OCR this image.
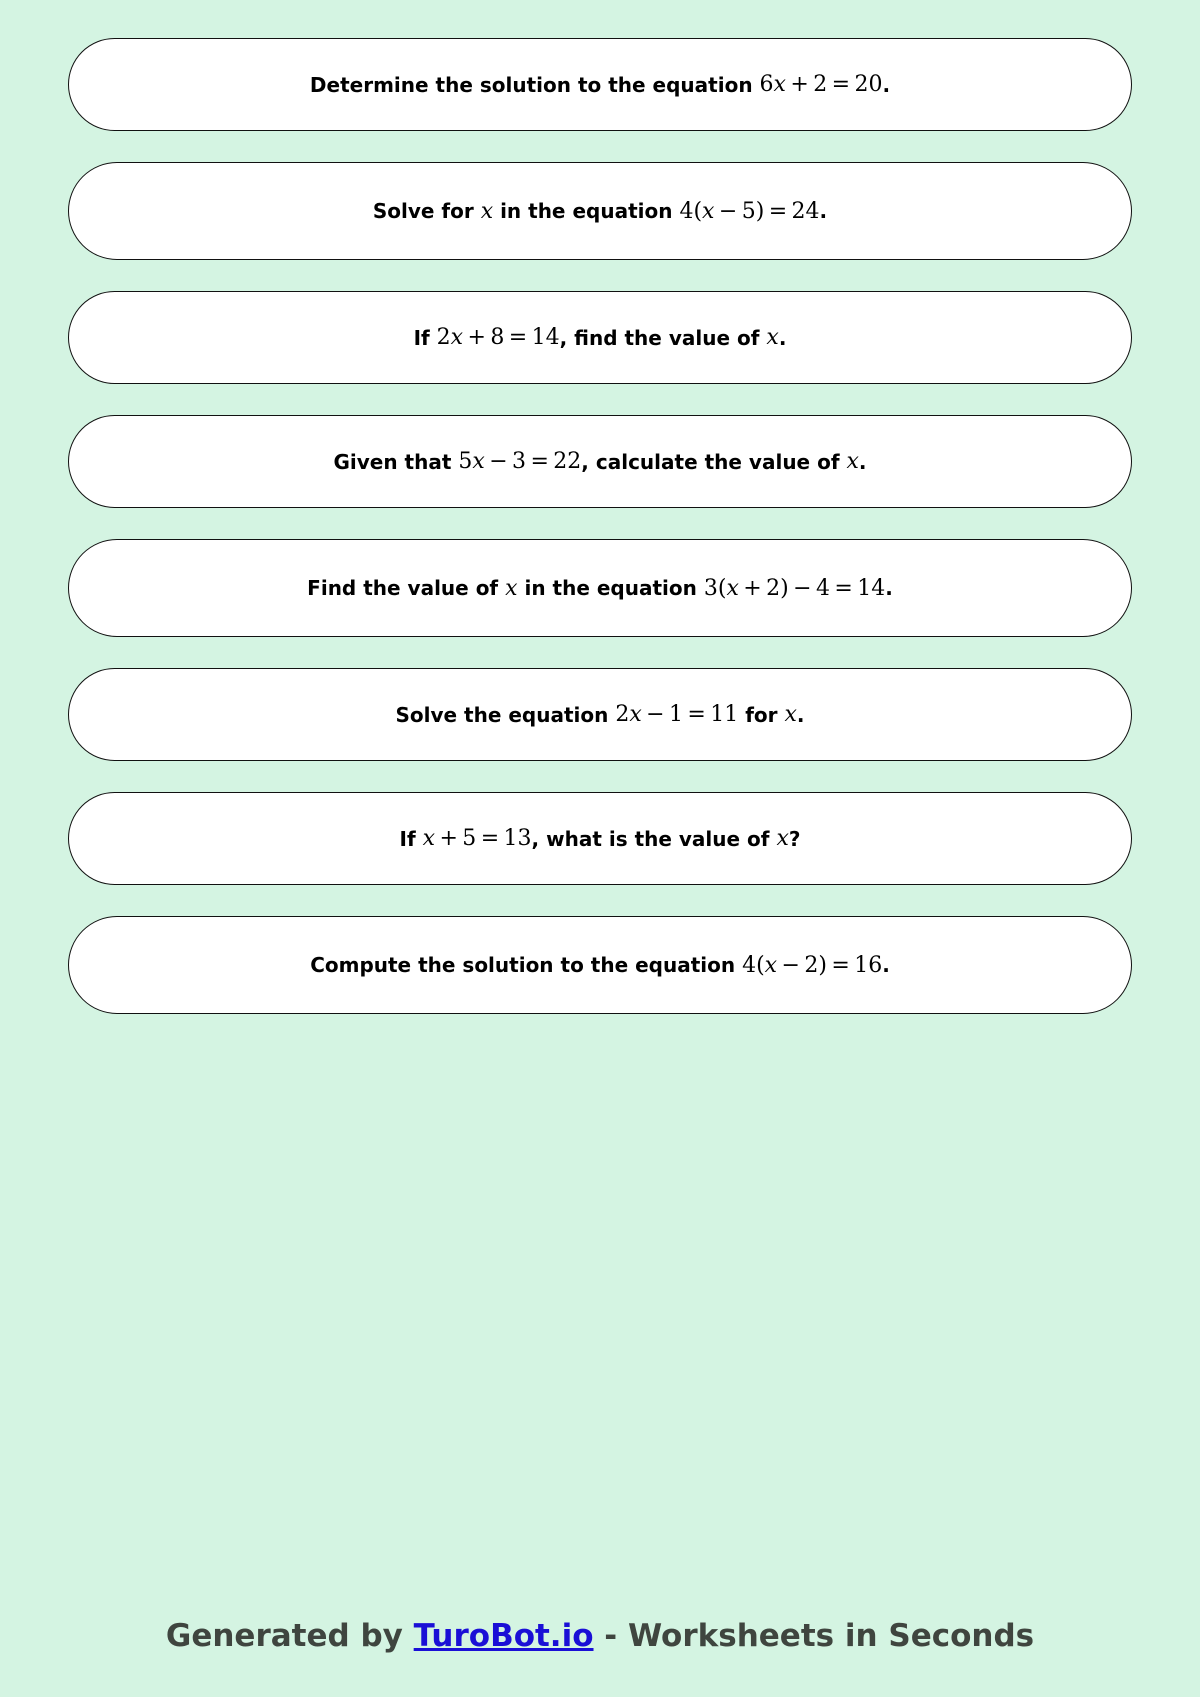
Determine the solution to the equation 6x  +  2  =  20 .
Solve for x in the equation 4(x  −  5)  =  24 .
If 2x  +  8  =  14 , find the value of x .
Given that 5x  −  3  =  22 , calculate the value of x .
Find the value of x in the equation 3(x  +  2)  −  4  =  14 .
Solve the equation 2x  −  1  =  11 for x .
If x  +  5  =  13 , what is the value of x ?
Compute the solution to the equation 4(x  −  2)  =  16 .
Generated by TuroBot.io - Worksheets in Seconds
